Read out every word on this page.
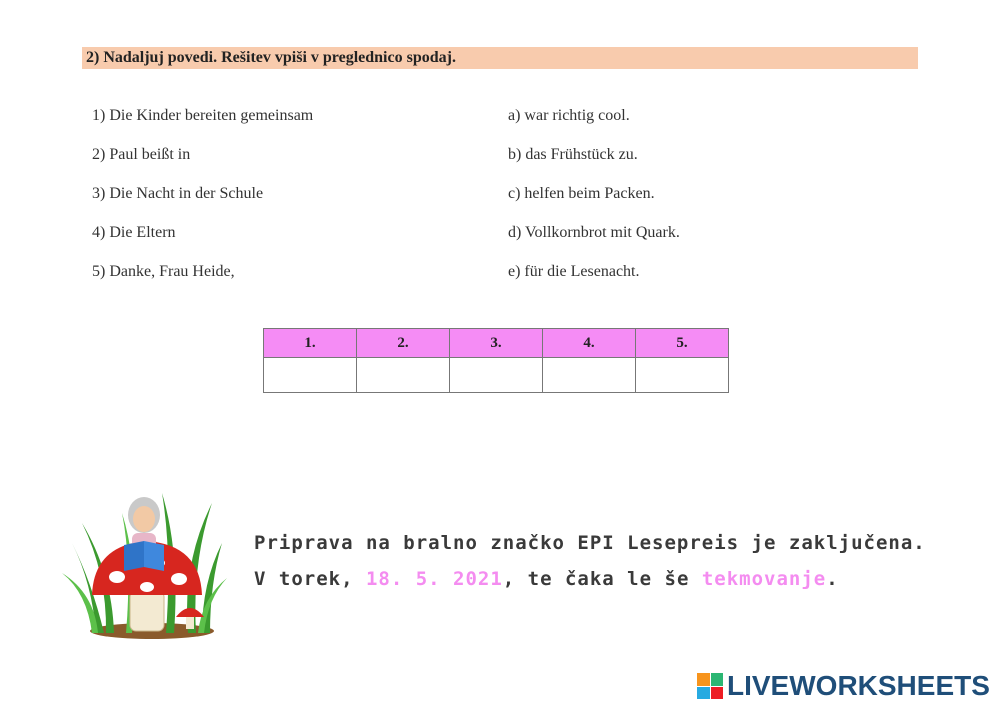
2) Nadaljuj povedi. Rešitev vpiši v preglednico spodaj.
1) Die Kinder bereiten gemeinsam
2) Paul beißt in
3) Die Nacht in der Schule
4) Die Eltern
5) Danke, Frau Heide,
a) war richtig cool.
b) das Frühstück zu.
c) helfen beim Packen.
d) Vollkornbrot mit Quark.
e) für die Lesenacht.
1.	2.	3.	4.	5.

Priprava na bralno značko EPI Lesepreis je zaključena.
V torek, 18. 5. 2021, te čaka le še tekmovanje.
LIVEWORKSHEETS
